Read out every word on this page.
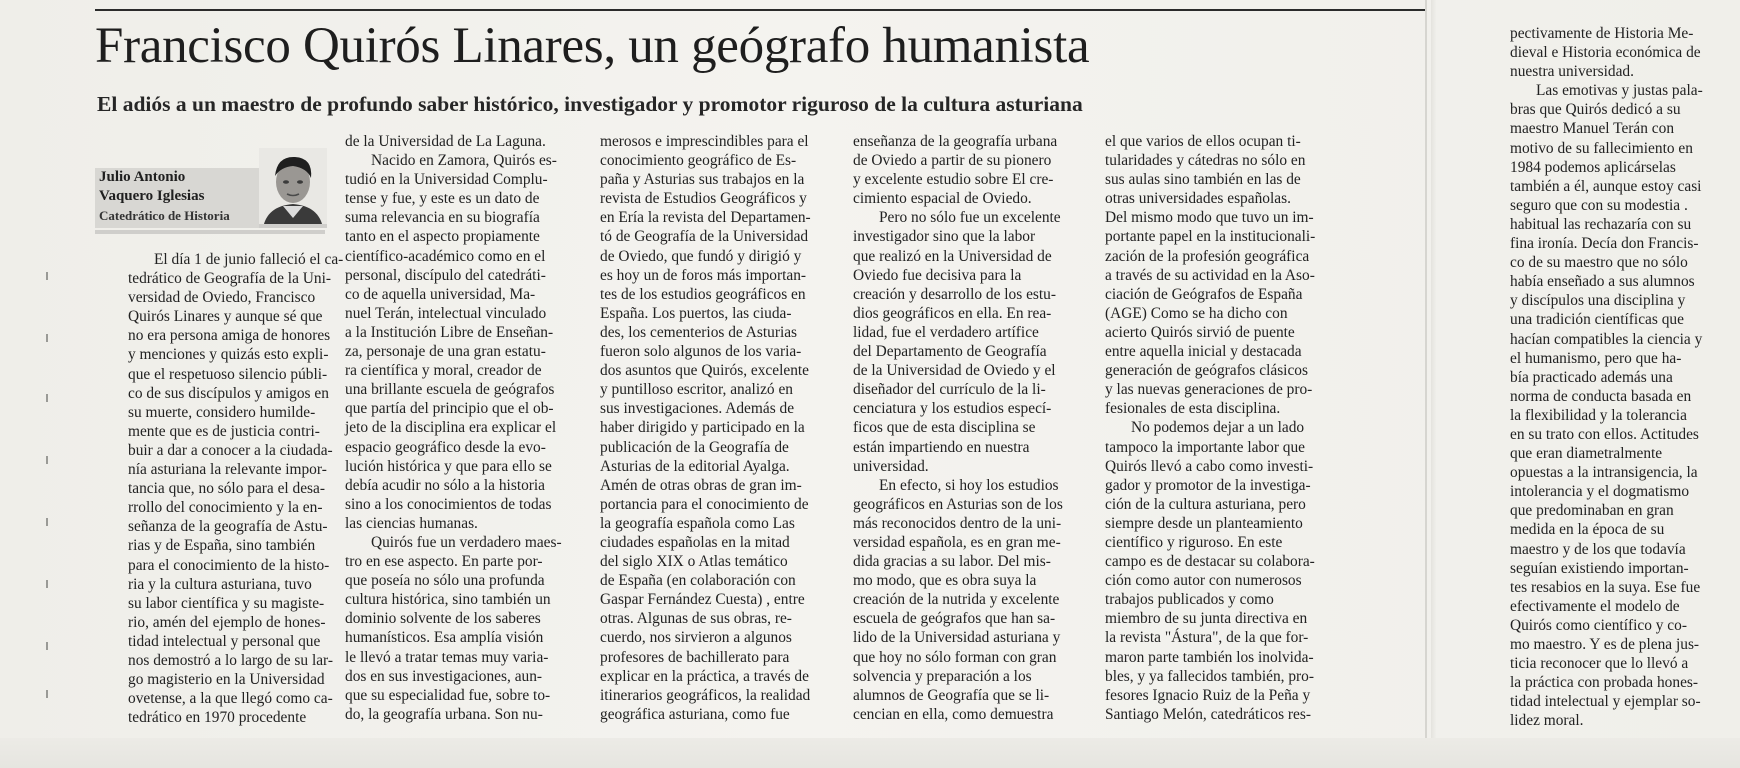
Francisco Quirós Linares, un geógrafo humanista
El adiós a un maestro de profundo saber histórico, investigador y promotor riguroso de la cultura asturiana
Julio Antonio
Vaquero Iglesias
Catedrático de Historia
El día 1 de junio falleció el ca-
tedrático de Geografía de la Uni-
versidad de Oviedo, Francisco
Quirós Linares y aunque sé que
no era persona amiga de honores
y menciones y quizás esto expli-
que el respetuoso silencio públi-
co de sus discípulos y amigos en
su muerte, considero humilde-
mente que es de justicia contri-
buir a dar a conocer a la ciudada-
nía asturiana la relevante impor-
tancia que, no sólo para el desa-
rrollo del conocimiento y la en-
señanza de la geografía de Astu-
rias y de España, sino también
para el conocimiento de la histo-
ria y la cultura asturiana, tuvo
su labor científica y su magiste-
rio, amén del ejemplo de hones-
tidad intelectual y personal que
nos demostró a lo largo de su lar-
go magisterio en la Universidad
ovetense, a la que llegó como ca-
tedrático en 1970 procedente
de la Universidad de La Laguna.
Nacido en Zamora, Quirós es-
tudió en la Universidad Complu-
tense y fue, y este es un dato de
suma relevancia en su biografía
tanto en el aspecto propiamente
científico-académico como en el
personal, discípulo del catedráti-
co de aquella universidad, Ma-
nuel Terán, intelectual vinculado
a la Institución Libre de Enseñan-
za, personaje de una gran estatu-
ra científica y moral, creador de
una brillante escuela de geógrafos
que partía del principio que el ob-
jeto de la disciplina era explicar el
espacio geográfico desde la evo-
lución histórica y que para ello se
debía acudir no sólo a la historia
sino a los conocimientos de todas
las ciencias humanas.
Quirós fue un verdadero maes-
tro en ese aspecto. En parte por-
que poseía no sólo una profunda
cultura histórica, sino también un
dominio solvente de los saberes
humanísticos. Esa amplía visión
le llevó a tratar temas muy varia-
dos en sus investigaciones, aun-
que su especialidad fue, sobre to-
do, la geografía urbana. Son nu-
merosos e imprescindibles para el
conocimiento geográfico de Es-
paña y Asturias sus trabajos en la
revista de Estudios Geográficos y
en Ería la revista del Departamen-
tó de Geografía de la Universidad
de Oviedo, que fundó y dirigió y
es hoy un de foros más importan-
tes de los estudios geográficos en
España. Los puertos, las ciuda-
des, los cementerios de Asturias
fueron solo algunos de los varia-
dos asuntos que Quirós, excelente
y puntilloso escritor, analizó en
sus investigaciones. Además de
haber dirigido y participado en la
publicación de la Geografía de
Asturias de la editorial Ayalga.
Amén de otras obras de gran im-
portancia para el conocimiento de
la geografía española como Las
ciudades españolas en la mitad
del siglo XIX o Atlas temático
de España (en colaboración con
Gaspar Fernández Cuesta) , entre
otras. Algunas de sus obras, re-
cuerdo, nos sirvieron a algunos
profesores de bachillerato para
explicar en la práctica, a través de
itinerarios geográficos, la realidad
geográfica asturiana, como fue
enseñanza de la geografía urbana
de Oviedo a partir de su pionero
y excelente estudio sobre El cre-
cimiento espacial de Oviedo.
Pero no sólo fue un excelente
investigador sino que la labor
que realizó en la Universidad de
Oviedo fue decisiva para la
creación y desarrollo de los estu-
dios geográficos en ella. En rea-
lidad, fue el verdadero artífice
del Departamento de Geografía
de la Universidad de Oviedo y el
diseñador del currículo de la li-
cenciatura y los estudios especí-
ficos que de esta disciplina se
están impartiendo en nuestra
universidad.
En efecto, si hoy los estudios
geográficos en Asturias son de los
más reconocidos dentro de la uni-
versidad española, es en gran me-
dida gracias a su labor. Del mis-
mo modo, que es obra suya la
creación de la nutrida y excelente
escuela de geógrafos que han sa-
lido de la Universidad asturiana y
que hoy no sólo forman con gran
solvencia y preparación a los
alumnos de Geografía que se li-
cencian en ella, como demuestra
el que varios de ellos ocupan ti-
tularidades y cátedras no sólo en
sus aulas sino también en las de
otras universidades españolas.
Del mismo modo que tuvo un im-
portante papel en la institucionali-
zación de la profesión geográfica
a través de su actividad en la Aso-
ciación de Geógrafos de España
(AGE) Como se ha dicho con
acierto Quirós sirvió de puente
entre aquella inicial y destacada
generación de geógrafos clásicos
y las nuevas generaciones de pro-
fesionales de esta disciplina.
No podemos dejar a un lado
tampoco la importante labor que
Quirós llevó a cabo como investi-
gador y promotor de la investiga-
ción de la cultura asturiana, pero
siempre desde un planteamiento
científico y riguroso. En este
campo es de destacar su colabora-
ción como autor con numerosos
trabajos publicados y como
miembro de su junta directiva en
la revista "Ástura", de la que for-
maron parte también los inolvida-
bles, y ya fallecidos también, pro-
fesores Ignacio Ruiz de la Peña y
Santiago Melón, catedráticos res-
pectivamente de Historia Me-
dieval e Historia económica de
nuestra universidad.
Las emotivas y justas pala-
bras que Quirós dedicó a su
maestro Manuel Terán con
motivo de su fallecimiento en
1984 podemos aplicárselas
también a él, aunque estoy casi
seguro que con su modestia .
habitual las rechazaría con su
fina ironía. Decía don Francis-
co de su maestro que no sólo
había enseñado a sus alumnos
y discípulos una disciplina y
una tradición científicas que
hacían compatibles la ciencia y
el humanismo, pero que ha-
bía practicado además una
norma de conducta basada en
la flexibilidad y la tolerancia
en su trato con ellos. Actitudes
que eran diametralmente
opuestas a la intransigencia, la
intolerancia y el dogmatismo
que predominaban en gran
medida en la época de su
maestro y de los que todavía
seguían existiendo importan-
tes resabios en la suya. Ese fue
efectivamente el modelo de
Quirós como científico y co-
mo maestro. Y es de plena jus-
ticia reconocer que lo llevó a
la práctica con probada hones-
tidad intelectual y ejemplar so-
lidez moral.
